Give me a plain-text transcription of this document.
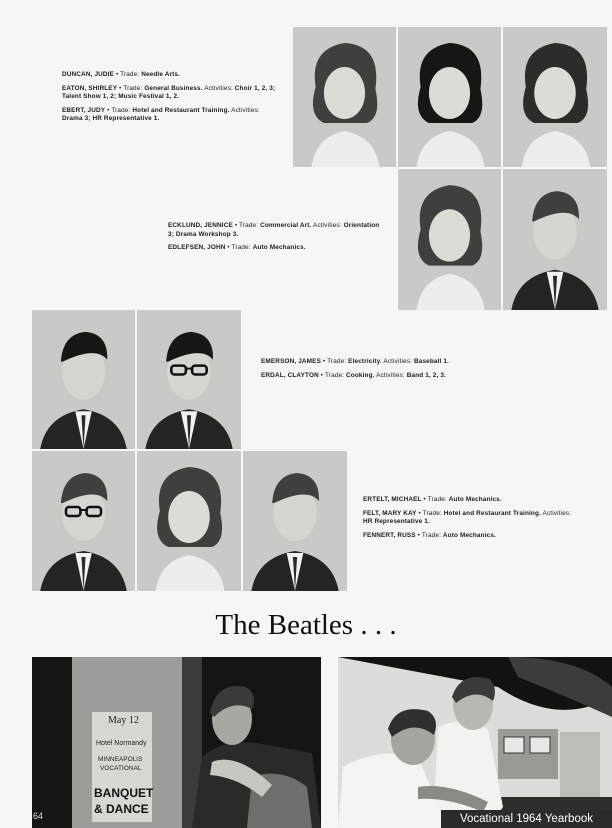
DUNCAN, JUDIE • Trade: Needle Arts.

EATON, SHIRLEY • Trade: General Business. Activities: Choir 1, 2, 3; Talent Show 1, 2; Music Festival 1, 2.

EBERT, JUDY • Trade: Hotel and Restaurant Training. Activities: Drama 3; HR Representative 1.

ECKLUND, JENNICE • Trade: Commercial Art. Activities: Orientation 3; Drama Workshop 3.

EDLEFSEN, JOHN • Trade: Auto Mechanics.

EMERSON, JAMES • Trade: Electricity. Activities: Baseball 1.

ERDAL, CLAYTON • Trade: Cooking. Activities: Band 1, 2, 3.

ERTELT, MICHAEL • Trade: Auto Mechanics.

FELT, MARY KAY • Trade: Hotel and Restaurant Training. Activities: HR Representative 1.

FENNERT, RUSS • Trade: Auto Mechanics.

The Beatles . . .
May 12
Hotel Normandy
MINNEAPOLIS
VOCATIONAL
BANQUET
& DANCE
64	Vocational 1964 Yearbook
